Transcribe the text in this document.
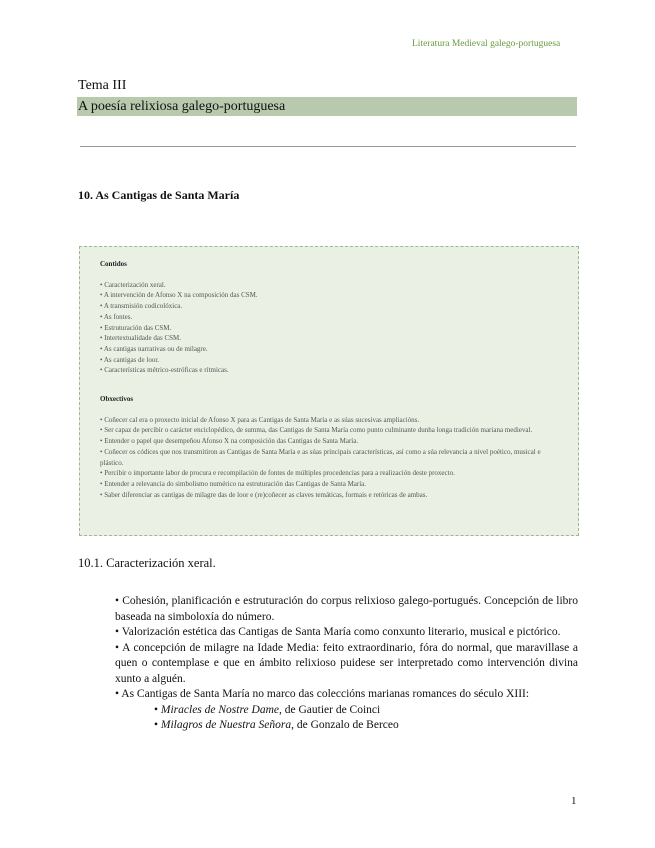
Literatura Medieval galego-portuguesa
Tema III
A poesía relixiosa galego-portuguesa
10. As Cantigas de Santa María
Contidos
• Caracterización xeral.
• A intervención de Afonso X na composición das CSM.
• A transmisión codicolóxica.
• As fontes.
• Estruturación das CSM.
• Intertextualidade das CSM.
• As cantigas narrativas ou de milagre.
• As cantigas de loor.
• Características métrico-estróficas e rítmicas.
Obxectivos
• Coñecer cal era o proxecto inicial de Afonso X para as Cantigas de Santa María e as súas sucesivas ampliacións.
• Ser capaz de percibir o carácter enciclopédico, de summa, das Cantigas de Santa María como punto culminante dunha longa tradición mariana medieval.
• Entender o papel que desempeñou Afonso X na composición das Cantigas de Santa María.
• Coñecer os códices que nos transmitiron as Cantigas de Santa María e as súas principais características, así como a súa relevancia a nivel poético, musical e plástico.
• Percibir o importante labor de procura e recompilación de fontes de múltiples procedencias para a realización deste proxecto.
• Entender a relevancia do simbolismo numérico na estruturación das Cantigas de Santa María.
• Saber diferenciar as cantigas de milagre das de loor e (re)coñecer as claves temáticas, formais e retóricas de ambas.
10.1. Caracterización xeral.

• Cohesión, planificación e estruturación do corpus relixioso galego-portugués. Concepción de libro baseada na simboloxía do número.

• Valorización estética das Cantigas de Santa María como conxunto literario, musical e pictórico.

• A concepción de milagre na Idade Media: feito extraordinario, fóra do normal, que maravillase a quen o contemplase e que en ámbito relixioso puidese ser interpretado como intervención divina xunto a alguén.

• As Cantigas de Santa María no marco das coleccións marianas romances do século XIII:

• Miracles de Nostre Dame, de Gautier de Coinci

• Milagros de Nuestra Señora, de Gonzalo de Berceo

1
